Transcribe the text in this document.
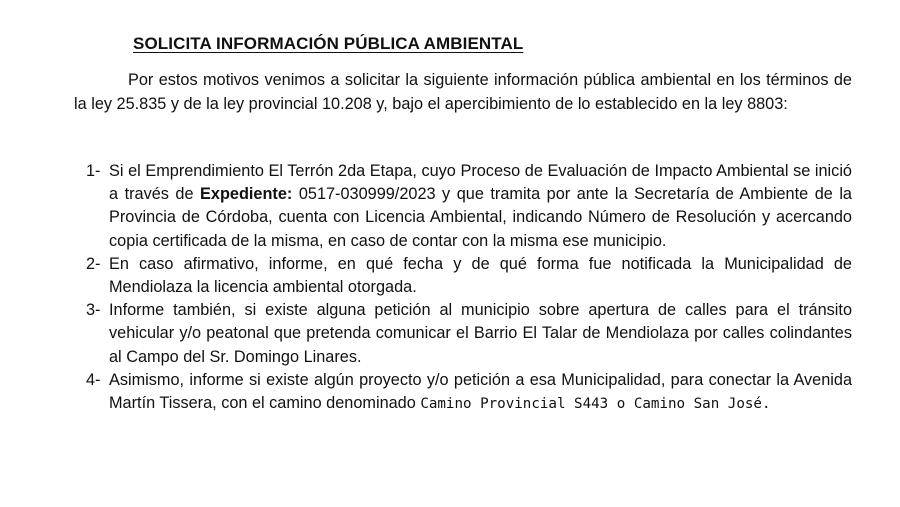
SOLICITA INFORMACIÓN PÚBLICA AMBIENTAL

Por estos motivos venimos a solicitar la siguiente información pública ambiental en los términos de la ley 25.835 y de la ley provincial 10.208 y, bajo el apercibimiento de lo establecido en la ley 8803:

1- Si el Emprendimiento El Terrón 2da Etapa, cuyo Proceso de Evaluación de Impacto Ambiental se inició a través de Expediente: 0517-030999/2023 y que tramita por ante la Secretaría de Ambiente de la Provincia de Córdoba, cuenta con Licencia Ambiental, indicando Número de Resolución y acercando copia certificada de la misma, en caso de contar con la misma ese municipio.
2- En caso afirmativo, informe, en qué fecha y de qué forma fue notificada la Municipalidad de Mendiolaza la licencia ambiental otorgada.
3- Informe también, si existe alguna petición al municipio sobre apertura de calles para el tránsito vehicular y/o peatonal que pretenda comunicar el Barrio El Talar de Mendiolaza por calles colindantes al Campo del Sr. Domingo Linares.
4- Asimismo, informe si existe algún proyecto y/o petición a esa Municipalidad, para conectar la Avenida Martín Tissera, con el camino denominado Camino Provincial S443 o Camino San José.
